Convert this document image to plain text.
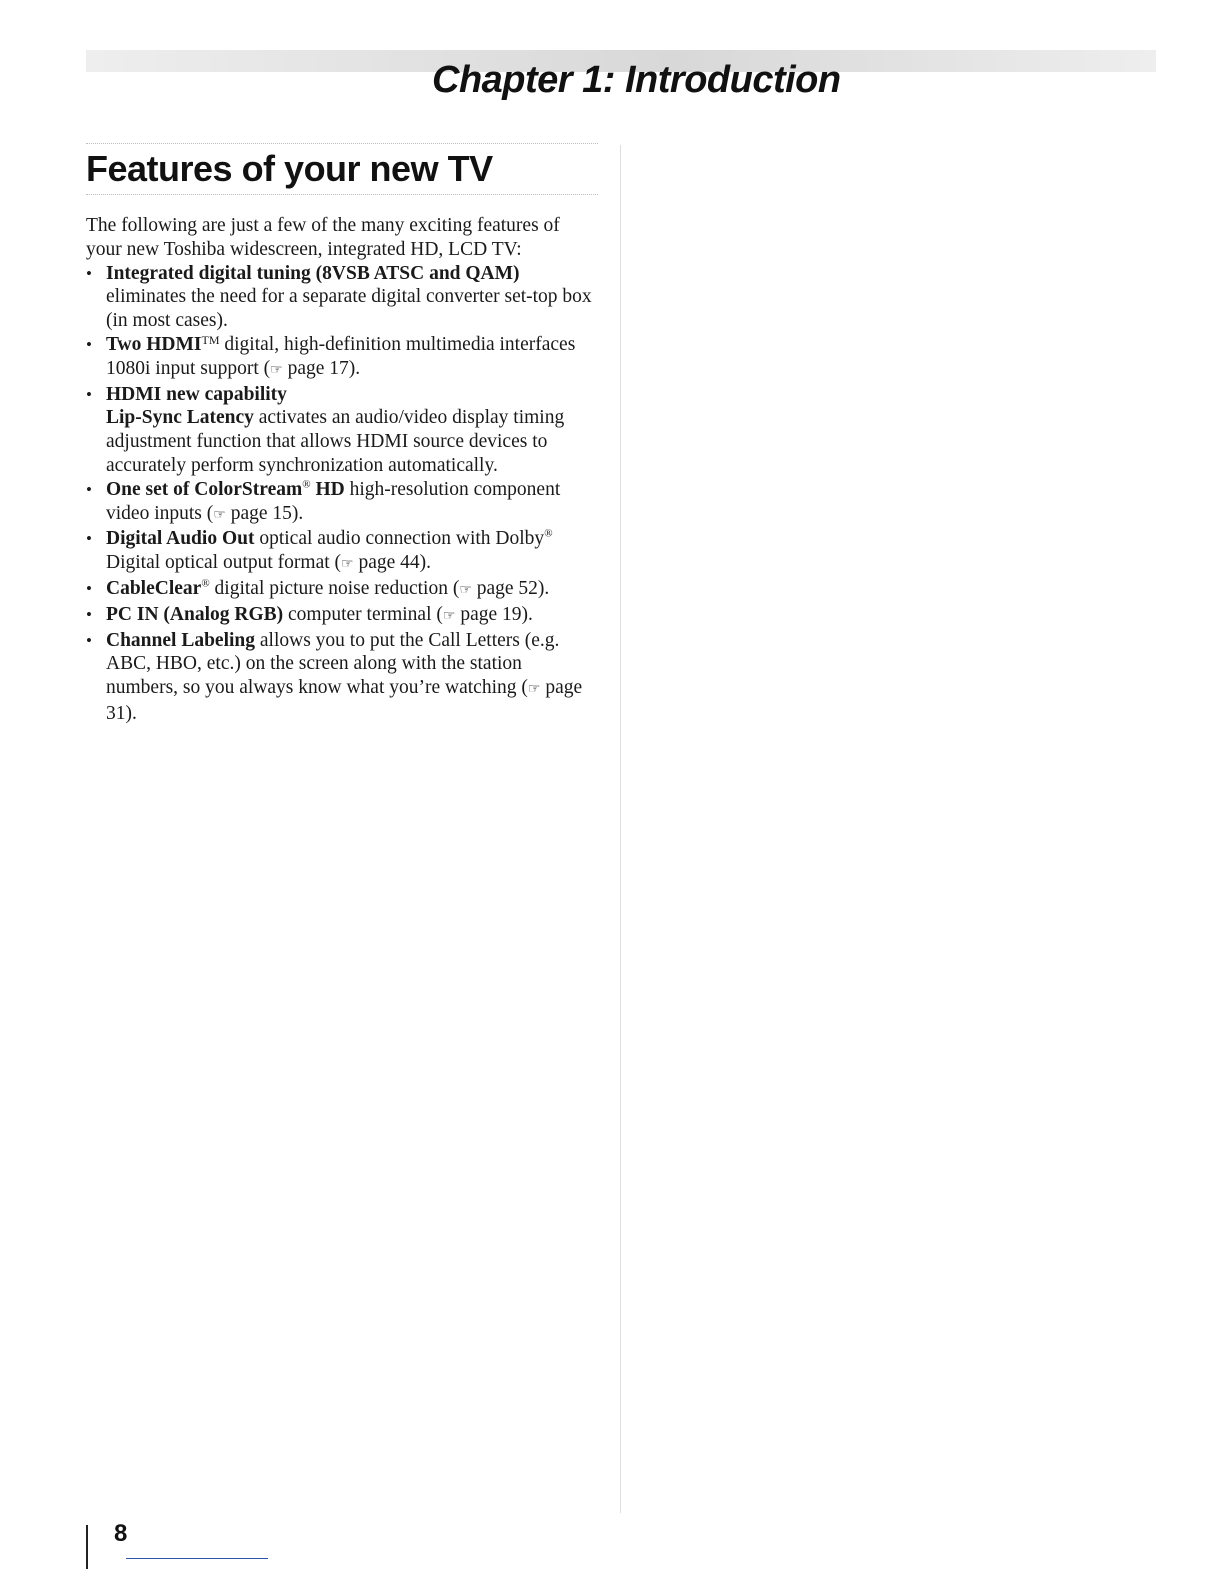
Chapter 1: Introduction
Features of your new TV

The following are just a few of the many exciting features of your new Toshiba widescreen, integrated HD, LCD TV:

• Integrated digital tuning (8VSB ATSC and QAM) eliminates the need for a separate digital converter set-top box (in most cases).
• Two HDMI™ digital, high-definition multimedia interfaces 1080i input support (☞ page 17).
• HDMI new capability
Lip-Sync Latency activates an audio/video display timing adjustment function that allows HDMI source devices to accurately perform synchronization automatically.
• One set of ColorStream® HD high-resolution component video inputs (☞ page 15).
• Digital Audio Out optical audio connection with Dolby® Digital optical output format (☞ page 44).
• CableClear® digital picture noise reduction (☞ page 52).
• PC IN (Analog RGB) computer terminal (☞ page 19).
• Channel Labeling allows you to put the Call Letters (e.g. ABC, HBO, etc.) on the screen along with the station numbers, so you always know what you’re watching (☞ page 31).
8
